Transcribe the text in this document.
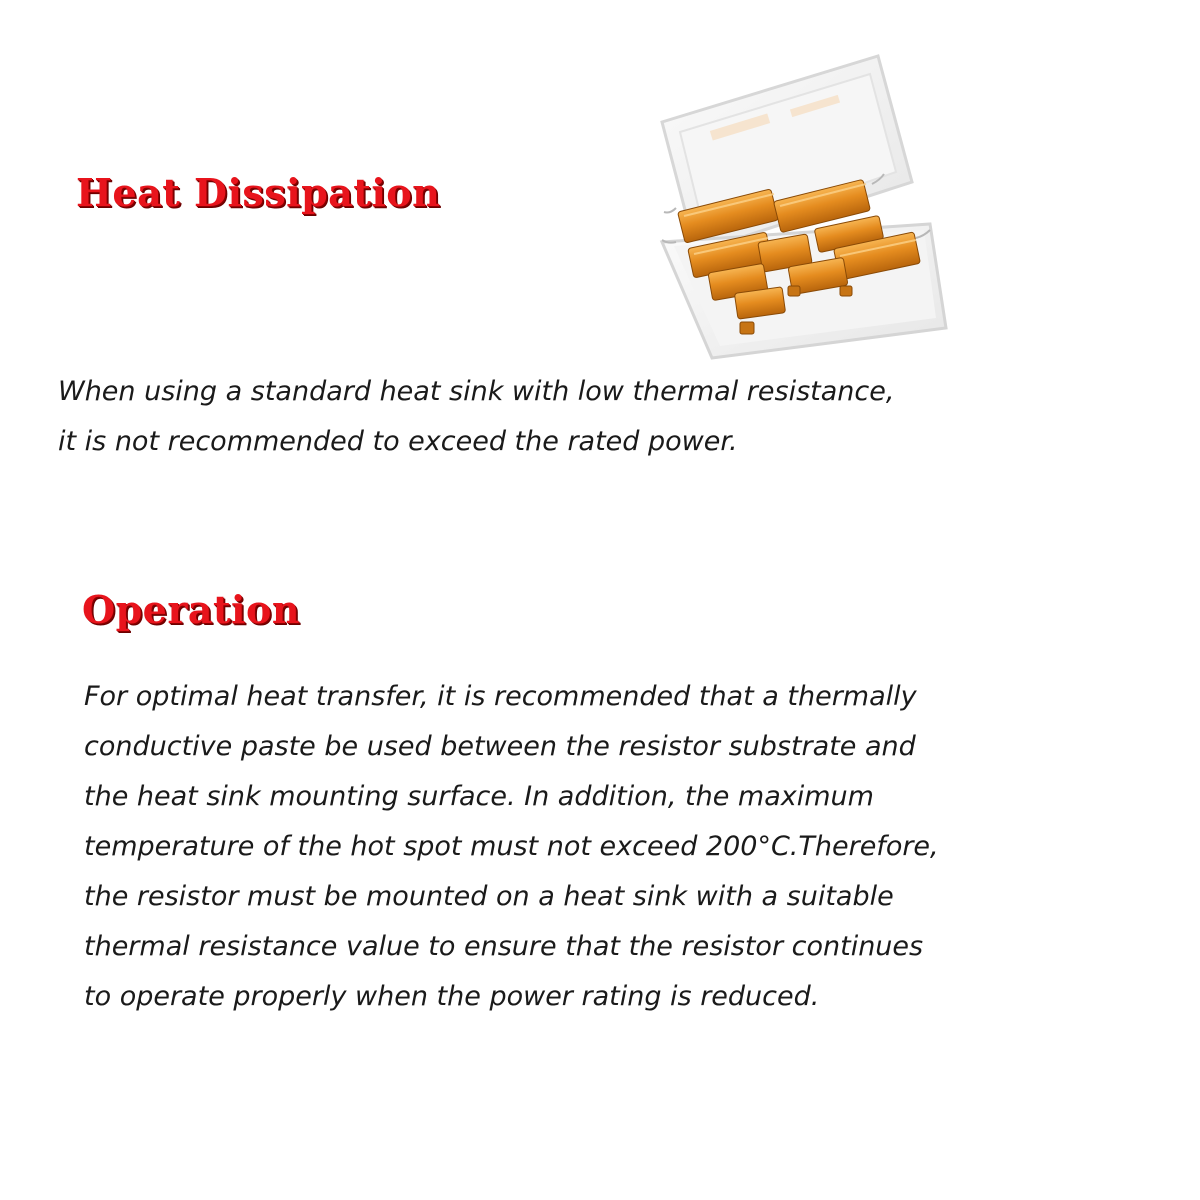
Heat Dissipation

When using a standard heat sink with low thermal resistance,
it is not recommended to exceed the rated power.

Operation

For optimal heat transfer, it is recommended that a thermally
conductive paste be used between the resistor substrate and
the heat sink mounting surface. In addition, the maximum
temperature of the hot spot must not exceed 200°C.Therefore,
the resistor must be mounted on a heat sink with a suitable
thermal resistance value to ensure that the resistor continues
to operate properly when the power rating is reduced.
